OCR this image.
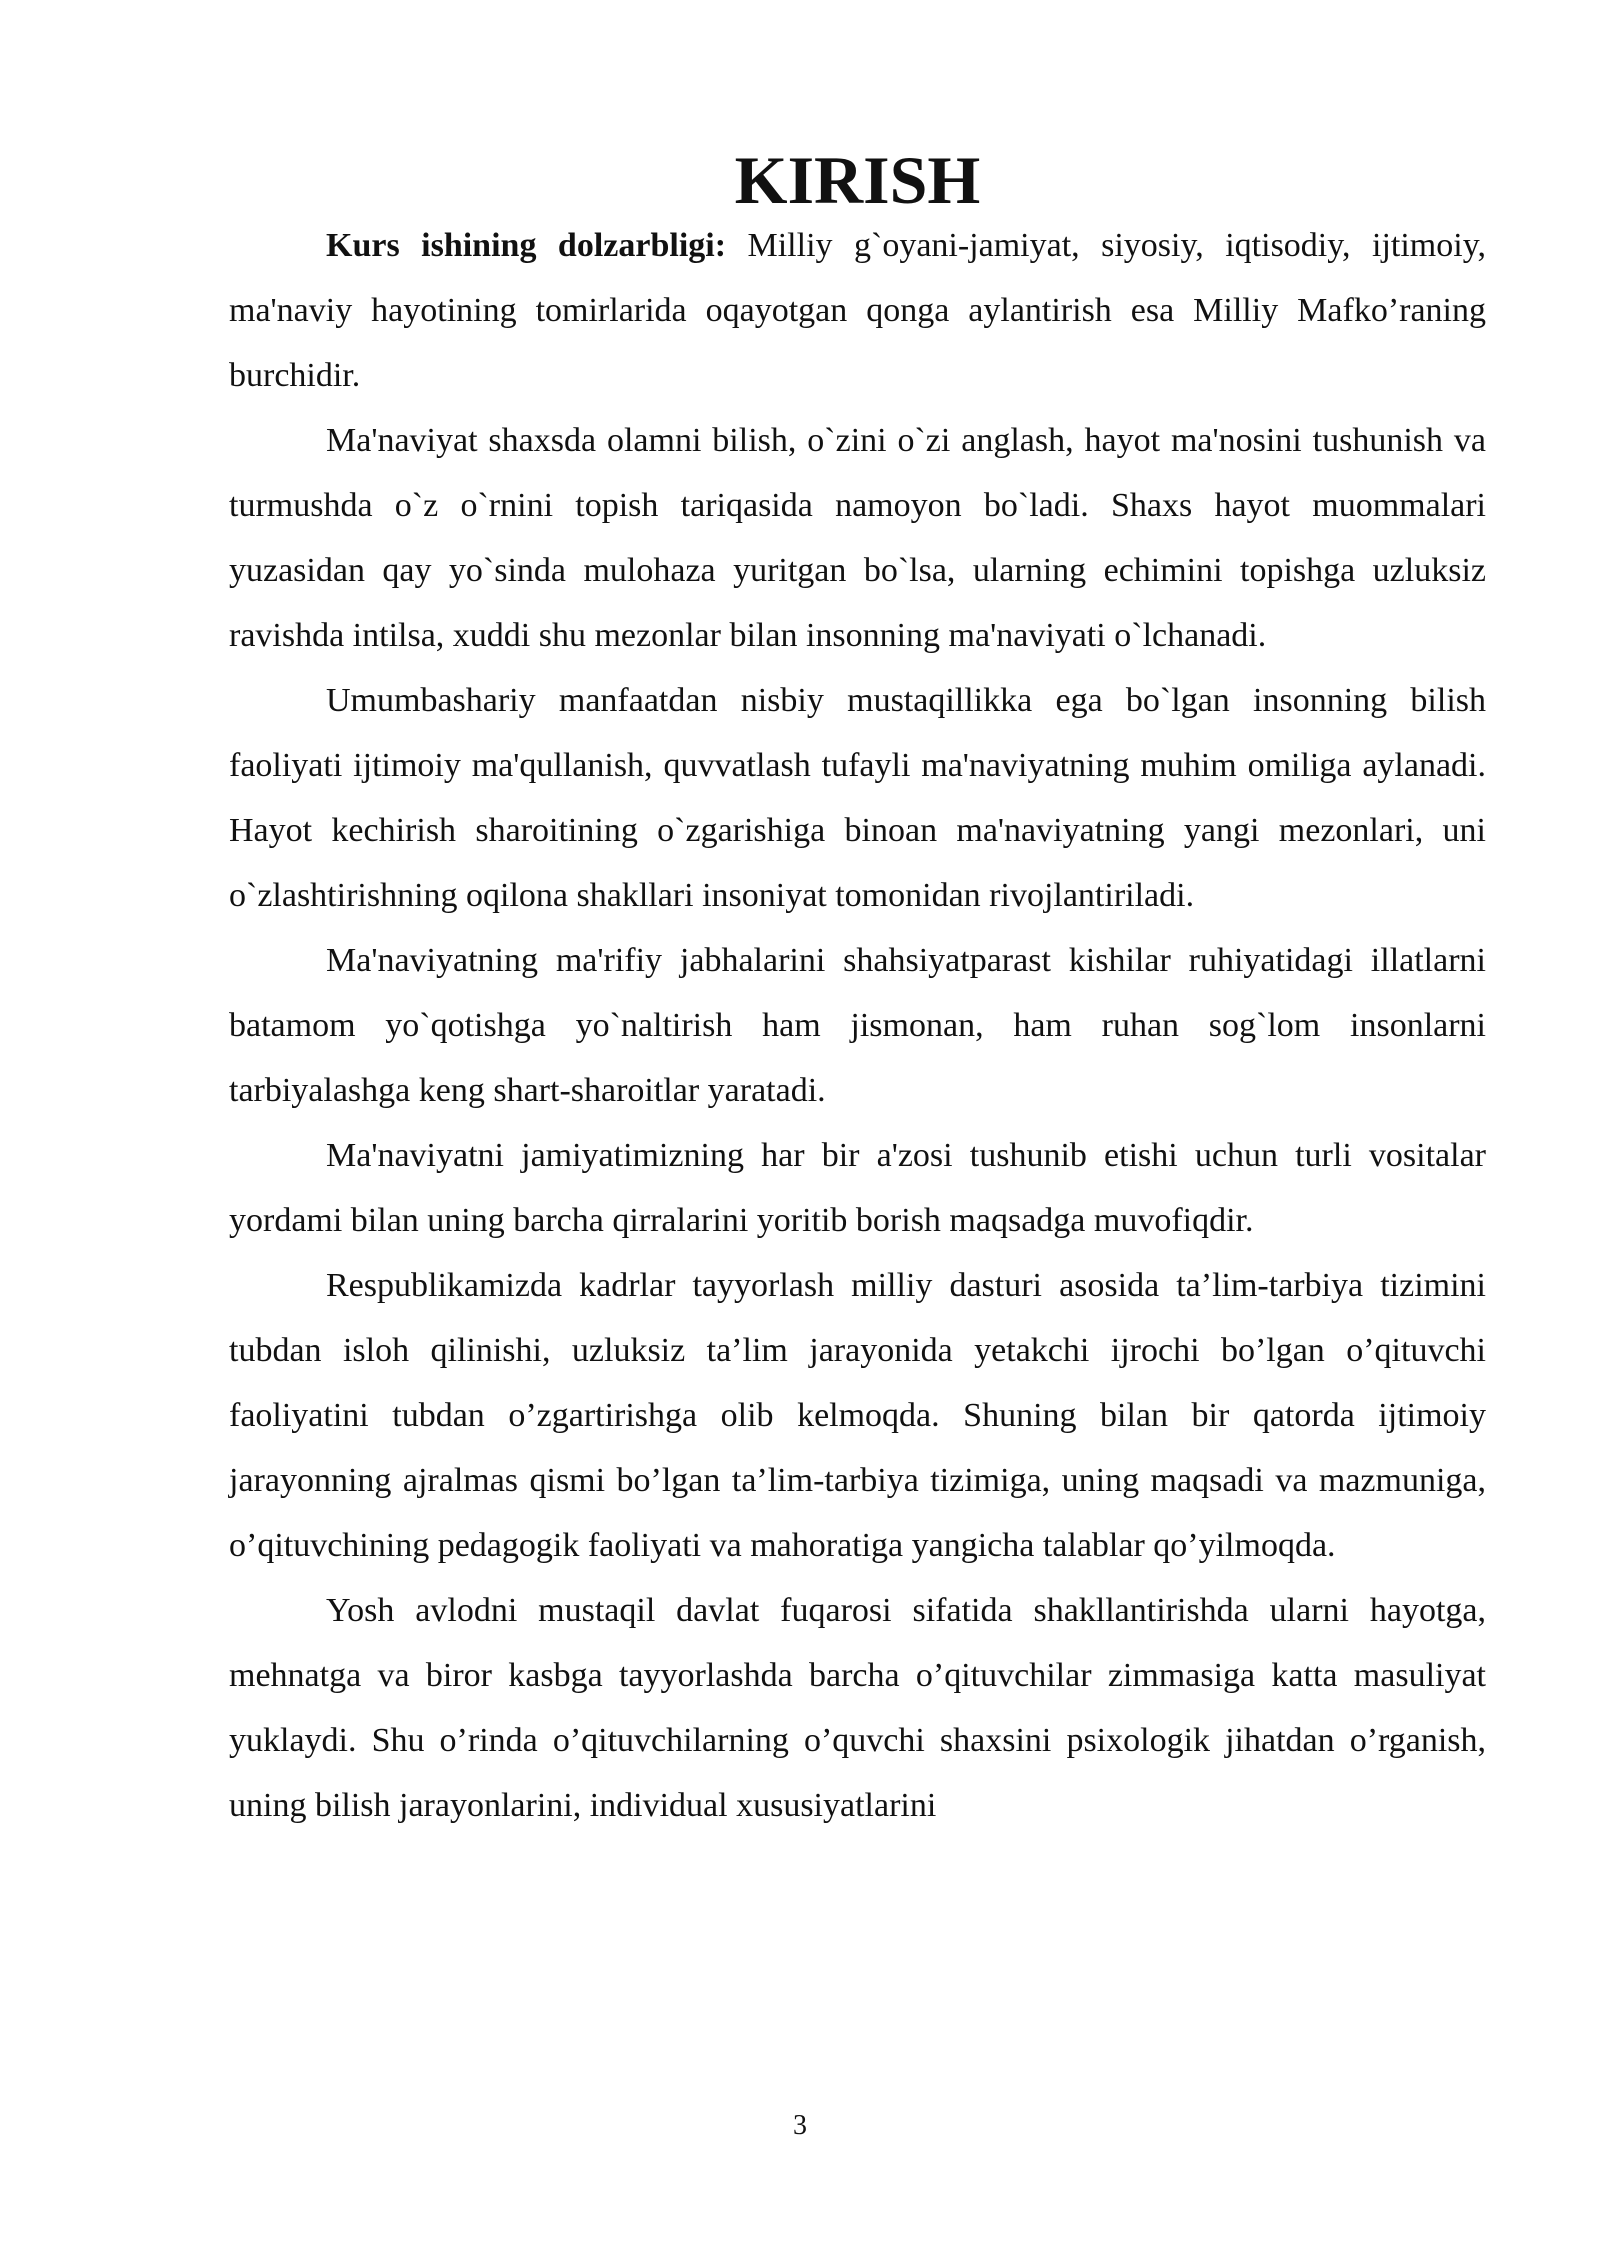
KIRISH

Kurs ishining dolzarbligi: Milliy g`oyani-jamiyat, siyosiy, iqtisodiy, ijtimoiy, ma'naviy hayotining tomirlarida oqayotgan qonga aylantirish esa Milliy Mafko’raning burchidir.

Ma'naviyat shaxsda olamni bilish, o`zini o`zi anglash, hayot ma'nosini tushunish va turmushda o`z o`rnini topish tariqasida namoyon bo`ladi. Shaxs hayot muommalari yuzasidan qay yo`sinda mulohaza yuritgan bo`lsa, ularning echimini topishga uzluksiz ravishda intilsa, xuddi shu mezonlar bilan insonning ma'naviyati o`lchanadi.

Umumbashariy manfaatdan nisbiy mustaqillikka ega bo`lgan insonning bilish faoliyati ijtimoiy ma'qullanish, quvvatlash tufayli ma'naviyatning muhim omiliga aylanadi. Hayot kechirish sharoitining o`zgarishiga binoan ma'naviyatning yangi mezonlari, uni o`zlashtirishning oqilona shakllari insoniyat tomonidan rivojlantiriladi.

Ma'naviyatning ma'rifiy jabhalarini shahsiyatparast kishilar ruhiyatidagi illatlarni batamom yo`qotishga yo`naltirish ham jismonan, ham ruhan sog`lom insonlarni tarbiyalashga keng shart-sharoitlar yaratadi.

Ma'naviyatni jamiyatimizning har bir a'zosi tushunib etishi uchun turli vositalar yordami bilan uning barcha qirralarini yoritib borish maqsadga muvofiqdir.

Respublikamizda kadrlar tayyorlash milliy dasturi asosida ta’lim-tarbiya tizimini tubdan isloh qilinishi, uzluksiz ta’lim jarayonida yetakchi ijrochi bo’lgan o’qituvchi faoliyatini tubdan o’zgartirishga olib kelmoqda. Shuning bilan bir qatorda ijtimoiy jarayonning ajralmas qismi bo’lgan ta’lim-tarbiya tizimiga, uning maqsadi va mazmuniga, o’qituvchining pedagogik faoliyati va mahoratiga yangicha talablar qo’yilmoqda.

Yosh avlodni mustaqil davlat fuqarosi sifatida shakllantirishda ularni hayotga, mehnatga va biror kasbga tayyorlashda barcha o’qituvchilar zimmasiga katta masuliyat yuklaydi. Shu o’rinda o’qituvchilarning o’quvchi shaxsini psixologik jihatdan o’rganish, uning bilish jarayonlarini, individual xususiyatlarini

3
